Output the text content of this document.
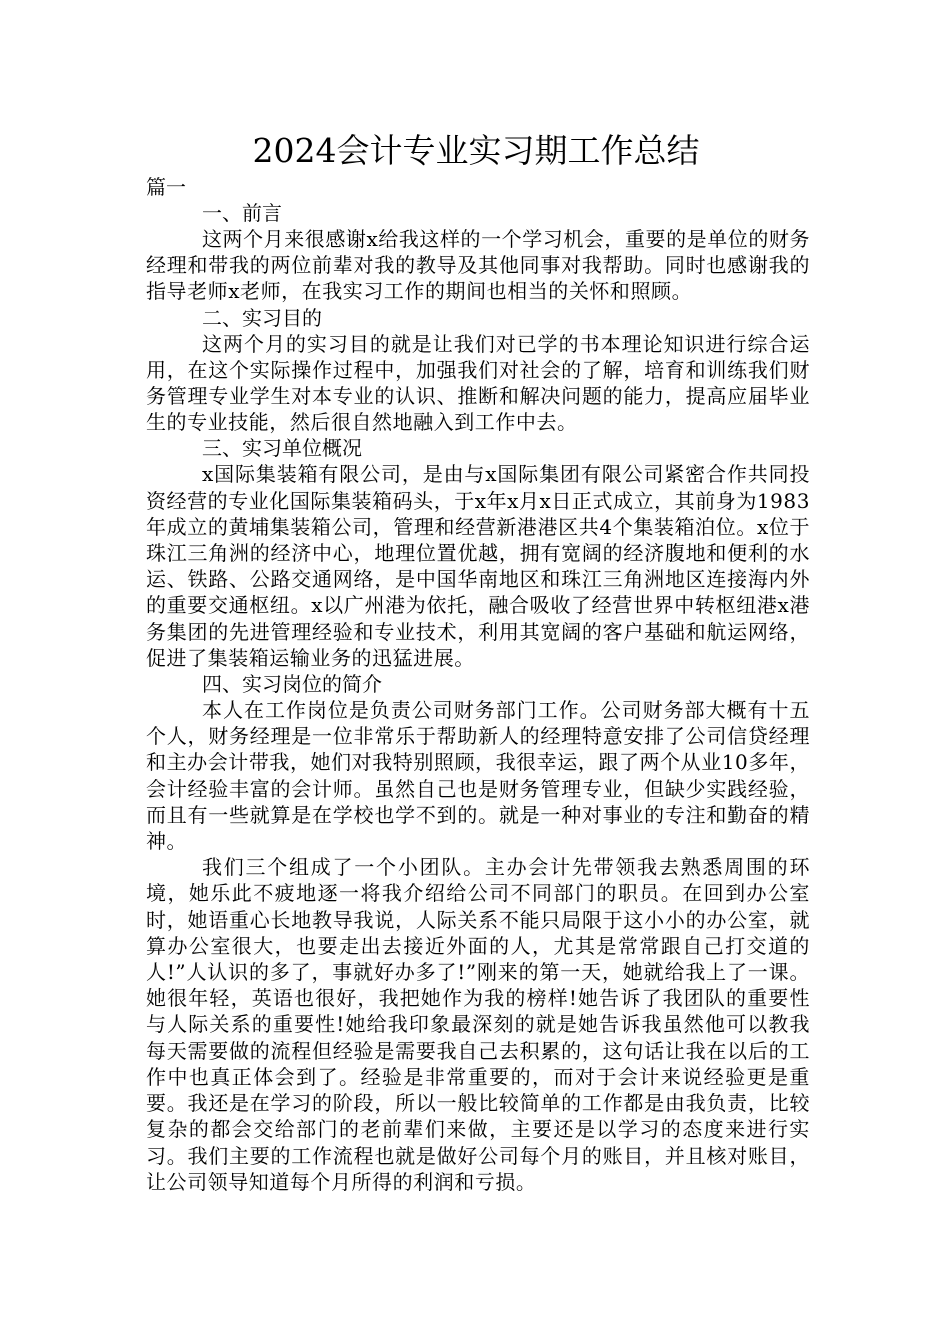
2024会计专业实习期工作总结

篇一

一、前言

这两个月来很感谢x给我这样的一个学习机会，重要的是单位的财务经理和带我的两位前辈对我的教导及其他同事对我帮助。同时也感谢我的指导老师x老师，在我实习工作的期间也相当的关怀和照顾。

二、实习目的

这两个月的实习目的就是让我们对已学的书本理论知识进行综合运用，在这个实际操作过程中，加强我们对社会的了解，培育和训练我们财务管理专业学生对本专业的认识、推断和解决问题的能力，提高应届毕业生的专业技能，然后很自然地融入到工作中去。

三、实习单位概况

x国际集装箱有限公司，是由与x国际集团有限公司紧密合作共同投资经营的专业化国际集装箱码头，于x年x月x日正式成立，其前身为1983年成立的黄埔集装箱公司，管理和经营新港港区共4个集装箱泊位。x位于珠江三角洲的经济中心，地理位置优越，拥有宽阔的经济腹地和便利的水运、铁路、公路交通网络，是中国华南地区和珠江三角洲地区连接海内外的重要交通枢纽。x以广州港为依托，融合吸收了经营世界中转枢纽港x港务集团的先进管理经验和专业技术，利用其宽阔的客户基础和航运网络，促进了集装箱运输业务的迅猛进展。

四、实习岗位的简介

本人在工作岗位是负责公司财务部门工作。公司财务部大概有十五个人，财务经理是一位非常乐于帮助新人的经理特意安排了公司信贷经理和主办会计带我，她们对我特别照顾，我很幸运，跟了两个从业10多年，会计经验丰富的会计师。虽然自己也是财务管理专业，但缺少实践经验，而且有一些就算是在学校也学不到的。就是一种对事业的专注和勤奋的精神。

我们三个组成了一个小团队。主办会计先带领我去熟悉周围的环境，她乐此不疲地逐一将我介绍给公司不同部门的职员。在回到办公室时，她语重心长地教导我说，人际关系不能只局限于这小小的办公室，就算办公室很大，也要走出去接近外面的人，尤其是常常跟自己打交道的人!”人认识的多了，事就好办多了!”刚来的第一天，她就给我上了一课。她很年轻，英语也很好，我把她作为我的榜样!她告诉了我团队的重要性与人际关系的重要性!她给我印象最深刻的就是她告诉我虽然他可以教我每天需要做的流程但经验是需要我自己去积累的，这句话让我在以后的工作中也真正体会到了。经验是非常重要的，而对于会计来说经验更是重要。我还是在学习的阶段，所以一般比较简单的工作都是由我负责，比较复杂的都会交给部门的老前辈们来做，主要还是以学习的态度来进行实习。我们主要的工作流程也就是做好公司每个月的账目，并且核对账目，让公司领导知道每个月所得的利润和亏损。
